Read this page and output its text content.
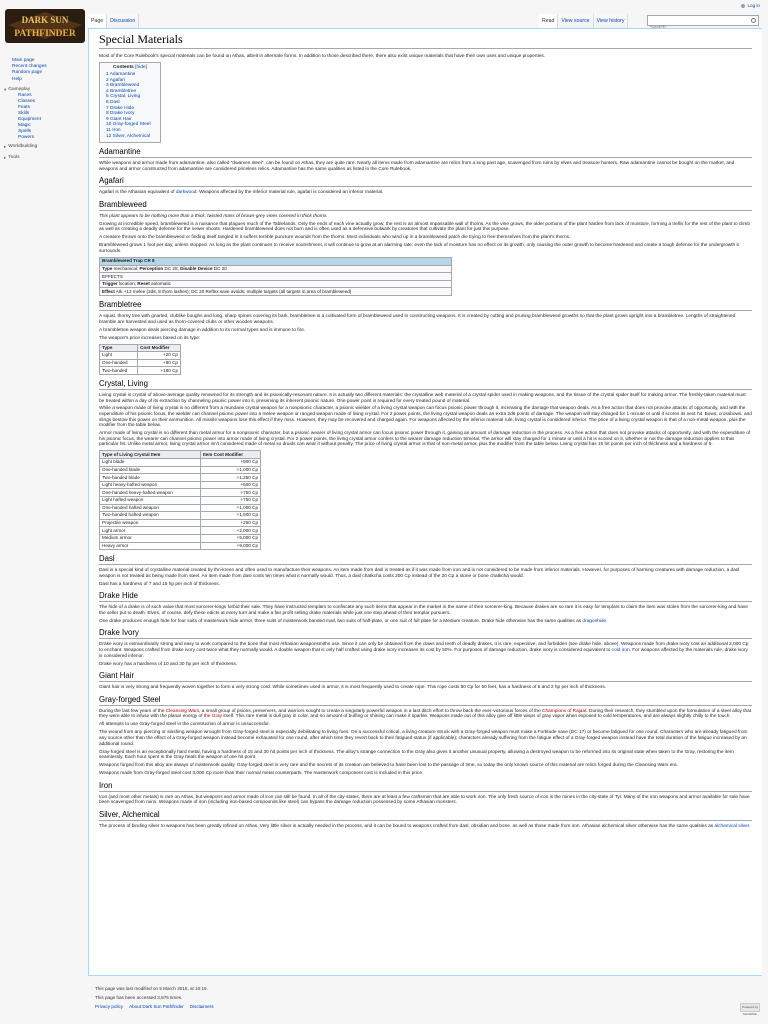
Log in
DARK SUN
PATHFINDER
Page	Discussion	Read	View source	View history
Search
Main page
Recent changes
Random page
Help
▾ Gameplay
Races
Classes
Feats
Skills
Equipment
Magic
Spells
Powers
▸ Worldbuilding
▸ Tools
Special Materials

Most of the Core Rulebook's special materials can be found on Athas, albeit in alternate forms. In addition to those described there, there also exist unique materials that have their own uses and unique properties.

Contents [hide]
1 Adamantine
2 Agafari
3 Brambleweed
4 Brambletree
5 Crystal, Living
6 Dasl
7 Drake Hide
8 Drake Ivory
9 Giant Hair
10 Gray-forged Steel
11 Iron
12 Silver, Alchemical
Adamantine

While weapons and armor made from adamantine, also called "dwarven steel", can be found on Athas, they are quite rare. Nearly all items made from adamantine are relics from a long past age, scavenged from ruins by elves and treasure hunters. Raw adamantine cannot be bought on the market, and weapons and armor constructed from adamantine are considered priceless relics. Adamantine has the same qualities as listed in the Core Rulebook.

Agafari

Agafari is the Athasian equivalent of darkwood. Weapons affected by the inferior material rule, agafari is considered an inferior material.

Brambleweed

This plant appears to be nothing more than a thick, twisted mass of brown-grey vines covered in thick thorns.

Growing at incredible speed, brambleweed is a nuisance that plagues much of the Tablelands. Only the ends of each vine actually grow; the rest is an almost impassable wall of thorns. As the vine grows, the older portions of the plant harden from lack of moisture, forming a trellis for the rest of the plant to climb as well as creating a deadly defense for the newer shoots. Hardened brambleweed does not burn and is often used as a defensive bulwark by creatures that cultivate the plant for just this purpose.

A creature thrown onto the brambleweed or finding itself tangled in it suffers terrible puncture wounds from the thorns. Most individuals who wind up in a brambleweed patch die trying to free themselves from the plant's thorns.

Brambleweed grows 1 foot per day, unless stopped. As long as the plant continues to receive nourishment, it will continue to grow at an alarming rate; even the lack of moisture has no effect on its growth, only causing the outer growth to become hardened and create a tough defense for the undergrowth it surrounds.

Brambleweed Trap CR 8
Type mechanical; Perception DC 25; Disable Device DC 20
EFFECTS
Trigger location; Reset automatic
Effect Atk +12 melee (2d6, 8 thorn lashes); DC 20 Reflex save avoids; multiple targets (all targets in area of brambleweed)
Brambletree

A squat, thorny tree with gnarled, clublike boughs and long, sharp spines covering its bark, brambletree is a cultivated form of brambleweed used in constructing weapons. It is created by cutting and pruning brambleweed growths so that the plant grows upright into a brambletree. Lengths of straightened bramble are harvested and used as thorn-covered clubs or other wooden weapons.

A brambletree weapon deals piercing damage in addition to its normal types and is immune to fire.

The weapon's price increases based on its type:

Type	Cost Modifier
Light	+20 Cp
One-handed	+90 Cp
Two-handed	+180 Cp
Crystal, Living

Living crystal is crystal of above-average quality renowned for its strength and its psionically-resonant nature. It is actually two different materials: the crystalline web material of a crystal spider used in making weapons, and the tissue of the crystal spider itself for making armor. The freshly-taken material must be treated within a day of its extraction by channeling psionic power into it, preserving its inherent psionic nature. One power point is required for every treated pound of material.

While a weapon made of living crystal is no different from a mundane crystal weapon for a nonpsionic character, a psionic wielder of a living crystal weapon can focus psionic power through it, increasing the damage that weapon deals. As a free action that does not provoke attacks of opportunity, and with the expenditure of his psionic focus, the wielder can channel psionic power into a melee weapon or ranged weapon made of living crystal. For 2 power points, the living crystal weapon deals an extra 2d6 points of damage. The weapon will stay charged for 1 minute or until it scores its next hit. Bows, crossbows, and slings bestow this power on their ammunition. All missile weapons lose this effect if they miss. However, they may be recovered and charged again. For weapons affected by the inferior material rule, living crystal is considered inferior. The price of a living crystal weapon is that of a non-metal weapon, plus the modifier from the table below.

Armor made of living crystal is no different than metal armor for a nonpsionic character, but a psionic wearer of living crystal armor can focus psionic power through it, gaining an amount of damage reduction in the process. As a free action that does not provoke attacks of opportunity, and with the expenditure of his psionic focus, the wearer can channel psionic power into armor made of living crystal. For 2 power points, the living crystal armor confers to the wearer damage reduction 5/metal. The armor will stay charged for 1 minute or until a hit is scored on it, whether or not the damage reduction applies to that particular hit. Unlike metal armor, living crystal armor isn't considered made of metal so druids can wear it without penalty. The price of living crystal armor is that of non-metal armor, plus the modifier from the table below. Living crystal has 15 hit points per inch of thickness and a hardness of 5.

Type of Living Crystal Item	Item Cost Modifier
Light blade	+900 Cp
One-handed blade	+1,000 Cp
Two-handed blade	+1,250 Cp
Light heavy-hafted weapon	+600 Cp
One-handed heavy-hafted weapon	+750 Cp
Light hafted weapon	+750 Cp
One-handed hafted weapon	+1,000 Cp
Two-handed hafted weapon	+1,500 Cp
Projectile weapon	+250 Cp
Light armor	+2,000 Cp
Medium armor	+5,000 Cp
Heavy armor	+9,000 Cp
Dasl

Dasl is a special kind of crystalline material created by thri-kreen and often used to manufacture their weapons. An item made from dasl is treated as if it was made from iron and is not considered to be made from inferior materials. However, for purposes of harming creatures with damage reduction, a dasl weapon is not treated as being made from steel. An item made from dasl costs ten times what it normally would. Thus, a dasl chatkcha costs 200 Cp instead of the 20 Cp a stone or bone chatkcha would.

Dasl has a hardness of 7 and 15 hp per inch of thickness.

Drake Hide

The hide of a drake is of such value that most sorcerer-kings forbid their sale. They have instructed templars to confiscate any such items that appear in the market in the name of their sorcerer-king. Because drakes are so rare it is easy for templars to claim the item was stolen from the sorcerer-king and have the seller put to death. Elves, of course, defy these edicts at every turn and make a fair profit selling drake materials while just one step ahead of their templar pursuers.

One drake produces enough hide for four suits of masterwork hide armor, three suits of masterwork banded mail, two suits of half-plate, or one suit of full plate for a Medium creature. Drake hide otherwise has the same qualities as dragonhide.

Drake Ivory

Drake ivory is extraordinarily strong and easy to work compared to the bone that most Athasian weaponsmiths use. Since it can only be obtained from the claws and teeth of deadly drakes, it is rare, expensive, and forbidden (see drake hide, above). Weapons made from drake ivory cost an additional 2,000 Cp to enchant. Weapons crafted from drake ivory cost twice what they normally would. A double weapon that is only half crafted using drake ivory increases its cost by 50%. For purposes of damage reduction, drake ivory is considered equivalent to cold iron. For weapons affected by the materials rule, drake ivory is considered inferior.

Drake ivory has a hardness of 10 and 30 hp per inch of thickness.

Giant Hair

Giant hair is very strong and frequently woven together to form a very strong cord. While sometimes used in armor, it is most frequently used to create rope. This rope costs 50 Cp for 50 feet, has a hardness of 5 and 2 hp per inch of thickness.

Gray-forged Steel

During the last few years of the Cleansing Wars, a small group of psions, preservers, and warriors sought to create a singularly powerful weapon in a last ditch effort to throw back the ever-victorious forces of the Champions of Rajaat. During their research, they stumbled upon the formulation of a steel alloy that they were able to infuse with the planar energy of the Gray itself. This rare metal is dull gray in color, and no amount of buffing or shining can make it sparkle. Weapons made out of this alloy give off little wisps of gray vapor when exposed to cold temperatures, and are always slightly chilly to the touch.

All attempts to use Gray-forged steel in the construction of armor is unsuccessful.

The wound from any piercing or slashing weapon wrought from Gray-forged steel is especially debilitating to living foes. On a successful critical, a living creature struck with a Gray-forged weapon must make a Fortitude save (DC 17) or become fatigued for one round. Characters who are already fatigued from any source other than the effect of a Gray-forged weapon instead become exhausted for one round, after which time they revert back to their fatigued status (if applicable); characters already suffering from the fatigue effect of a Gray-forged weapon instead have the total duration of the fatigue increased by an additional round.

Gray-forged steel is an exceptionally hard metal, having a hardness of 15 and 30 hit points per inch of thickness. The alloy's strange connection to the Gray also gives it another unusual property, allowing a destroyed weapon to be reformed into its original state when taken to the Gray, restoring the item seamlessly. Each hour spent in the Gray heals the weapon of one hit point.

Weapons forged from this alloy are always of masterwork quality. Gray-forged steel is very rare and the secrets of its creation are believed to have been lost to the passage of time, so today the only known source of this material are relics forged during the Cleansing Wars era.

Weapons made from Gray-forged steel cost 3,000 Cp more than their normal metal counterparts. The masterwork component cost is included in this price.

Iron

Iron (and most other metals) is rare on Athas, but weapons and armor made of iron can still be found. In all of the city-states, there are at least a few craftsmen that are able to work iron. The only fresh source of iron is the mines in the city-state of Tyr. Many of the iron weapons and armor available for sale have been scavenged from ruins. Weapons made of iron (including iron-based compounds like steel) can bypass the damage reduction possessed by some Athasian monsters.

Silver, Alchemical

The process of binding silver to weapons has been greatly refined on Athas. Very little silver is actually needed in the process, and it can be bound to weapons crafted from dasl, obsidian and bone, as well as those made from iron. Athasian alchemical silver otherwise has the same qualities as alchemical silver.

This page was last modified on 5 March 2015, at 10:15.
This page has been accessed 3,875 times.
Privacy policy About Dark Sun Pathfinder Disclaimers	Powered by MediaWiki
